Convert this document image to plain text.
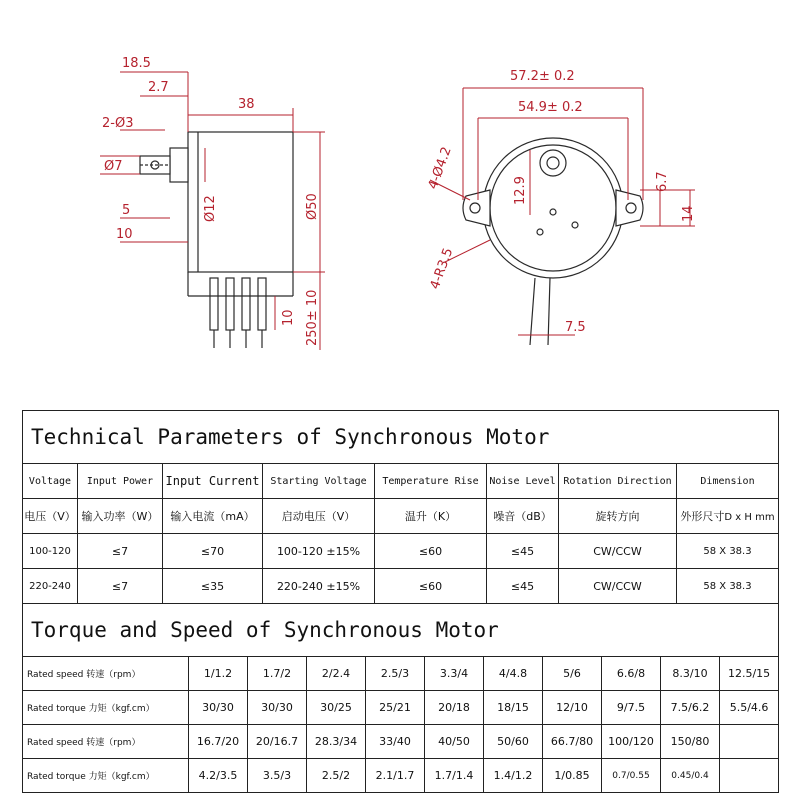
18.5
2.7
38
2-Ø3
Ø7
5
10
Ø12	Ø50
10 250± 10
57.2± 0.2
54.9± 0.2
4-Ø4.2	12.9	6.7
14
4-R3.5
7.5
Technical Parameters of Synchronous Motor							
Voltage	Input Power	Input Current	Starting Voltage	Temperature Rise	Noise Level	Rotation Direction	Dimension
电压（V）	输入功率（W）	输入电流（mA）	启动电压（V）	温升（K）	噪音（dB）	旋转方向	外形尺寸D x H mm
100-120	≤7	≤70	100-120 ±15%	≤60	≤45	CW/CCW	58 X 38.3
220-240	≤7	≤35	220-240 ±15%	≤60	≤45	CW/CCW	58 X 38.3
Torque and Speed of Synchronous Motor										
Rated speed 转速（rpm）	1/1.2	1.7/2	2/2.4	2.5/3	3.3/4	4/4.8	5/6	6.6/8	8.3/10	12.5/15
Rated torque 力矩（kgf.cm）	30/30	30/30	30/25	25/21	20/18	18/15	12/10	9/7.5	7.5/6.2	5.5/4.6
Rated speed 转速（rpm）	16.7/20	20/16.7	28.3/34	33/40	40/50	50/60	66.7/80	100/120	150/80	
Rated torque 力矩（kgf.cm）	4.2/3.5	3.5/3	2.5/2	2.1/1.7	1.7/1.4	1.4/1.2	1/0.85	0.7/0.55	0.45/0.4	
